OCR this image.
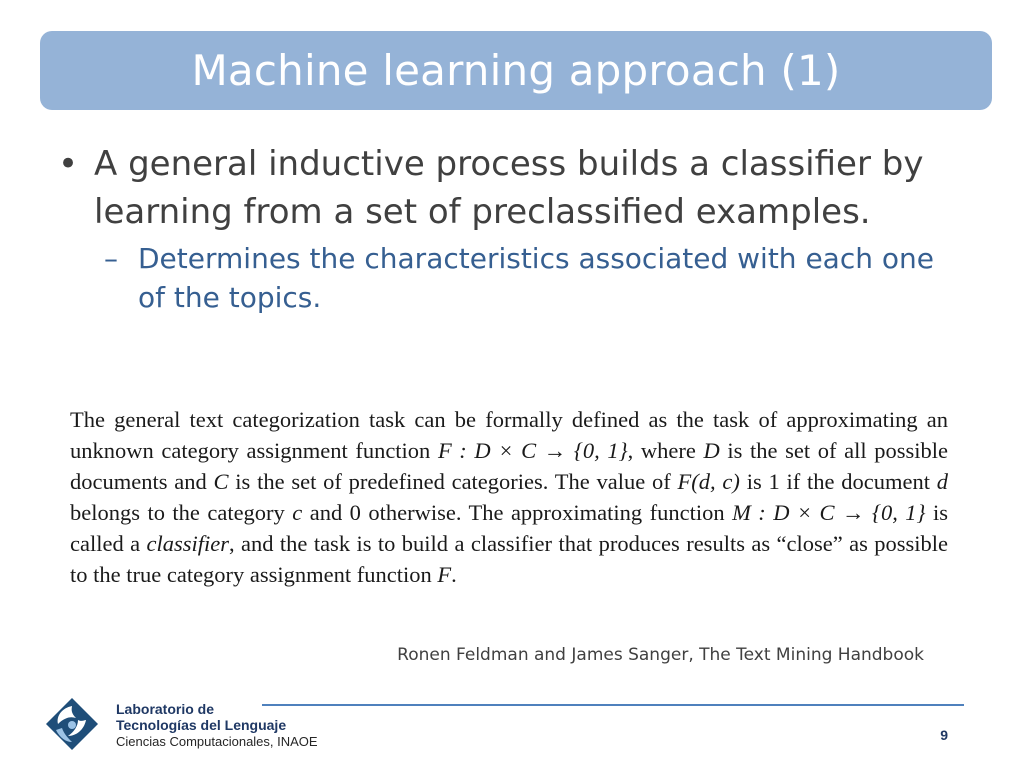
Machine learning approach (1)
• A general inductive process builds a classifier by learning from a set of preclassified examples.
– Determines the characteristics associated with each one of the topics.
The general text categorization task can be formally defined as the task of approximating an unknown category assignment function F : D × C → {0, 1}, where D is the set of all possible documents and C is the set of predefined categories. The value of F(d, c) is 1 if the document d belongs to the category c and 0 otherwise. The approximating function M : D × C → {0, 1} is called a classifier, and the task is to build a classifier that produces results as “close” as possible to the true category assignment function F.
Ronen Feldman and James Sanger, The Text Mining Handbook
Laboratorio de
Tecnologías del Lenguaje
Ciencias Computacionales, INAOE	9
